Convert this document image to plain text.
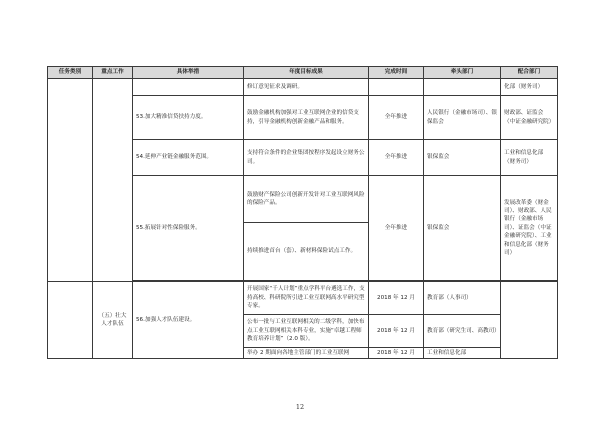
任务类别	重点工作	具体举措	年度目标成果	完成时间	牵头部门	配合部门
			修订意见征求及调研。			化部（财务司）
		53.加大精准信贷扶持力度。	鼓励金融机构加强对工业互联网企业的信贷支持，引导金融机构创新金融产品和服务。	全年推进	人民银行（金融市场司）、银保监会	财政部、证监会（中证金融研究院）
		54.延伸产业链金融服务范围。	支持符合条件的企业集团按程序发起设立财务公司。	全年推进	银保监会	工业和信息化部（财务司）
		55.拓展针对性保险服务。	鼓励财产保险公司创新开发针对工业互联网风险的保险产品。	全年推进	银保监会	发展改革委（财金司）、财政部、人民银行（金融市场司）、证监会（中证金融研究院）、工业和信息化部（财务司）
			持续推进首台（套）、新材料保险试点工作。			

	（五）壮大人才队伍	56.加强人才队伍建设。	开展国家“千人计划”重点学科平台遴选工作，支持高校、科研院所引进工业互联网高水平研究型专家。	2018 年 12 月	教育部（人事司）	
			公布一批与工业互联网相关的二级学科，加快布点工业互联网相关本科专业，实施“卓越工程师教育培养计划”（2.0 版）。	2018 年 12 月	教育部（研究生司、高教司）	
			举办 2 期面向各地主管部门的工业互联网	2018 年 12 月	工业和信息化部	
12
